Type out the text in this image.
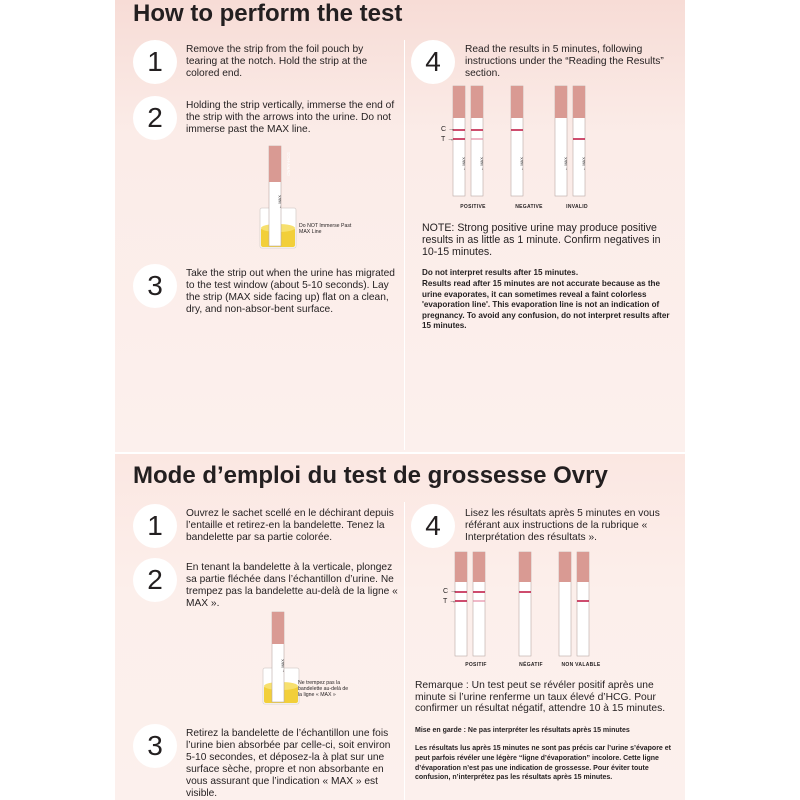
How to perform the test
1	Remove the strip from the foil pouch by tearing at the notch. Hold the strip at the colored end.
2	Holding the strip vertically, immerse the end of the strip with the arrows into the urine. Do not immerse past the MAX line.
OVRY-HCG
← MAX
Do NOT Immerse Past MAX Line
3	Take the strip out when the urine has migrated to the test window (about 5-10 seconds). Lay the strip (MAX side facing up) flat on a clean, dry, and non-absor-bent surface.
4	Read the results in 5 minutes, following instructions under the “Reading the Results” section.
← MAX	← MAX	← MAX	← MAX	← MAX
C →
T →
POSITIVE	NEGATIVE	INVALID
NOTE: Strong positive urine may produce positive results in as little as 1 minute. Confirm negatives in 10-15 minutes.
Do not interpret results after 15 minutes.
Results read after 15 minutes are not accurate because as the urine evaporates, it can sometimes reveal a faint colorless 'evaporation line'. This evaporation line is not an indication of pregnancy. To avoid any confusion, do not interpret results after 15 minutes.
Mode d’emploi du test de grossesse Ovry
1	Ouvrez le sachet scellé en le déchirant depuis l’entaille et retirez-en la bandelette. Tenez la bandelette par sa partie colorée.
2	En tenant la bandelette à la verticale, plongez sa partie fléchée dans l’échantillon d’urine. Ne trempez pas la bandelette au-delà de la ligne « MAX ».
← MAX
Ne trempez pas la bandelette au-delà de la ligne « MAX »
3	Retirez la bandelette de l’échantillon une fois l’urine bien absorbée par celle-ci, soit environ 5-10 secondes, et déposez-la à plat sur une surface sèche, propre et non absorbante en vous assurant que l’indication « MAX » est visible.
4	Lisez les résultats après 5 minutes en vous référant aux instructions de la rubrique « Interprétation des résultats ».
C →
T →
POSITIF	NÉGATIF	NON VALABLE
Remarque : Un test peut se révéler positif après une minute si l’urine renferme un taux élevé d’HCG. Pour confirmer un résultat négatif, attendre 10 à 15 minutes.
Mise en garde : Ne pas interpréter les résultats après 15 minutes
Les résultats lus après 15 minutes ne sont pas précis car l’urine s’évapore et peut parfois révéler une légère “ligne d’évaporation” incolore. Cette ligne d’évaporation n’est pas une indication de grossesse. Pour éviter toute confusion, n’interprétez pas les résultats après 15 minutes.
